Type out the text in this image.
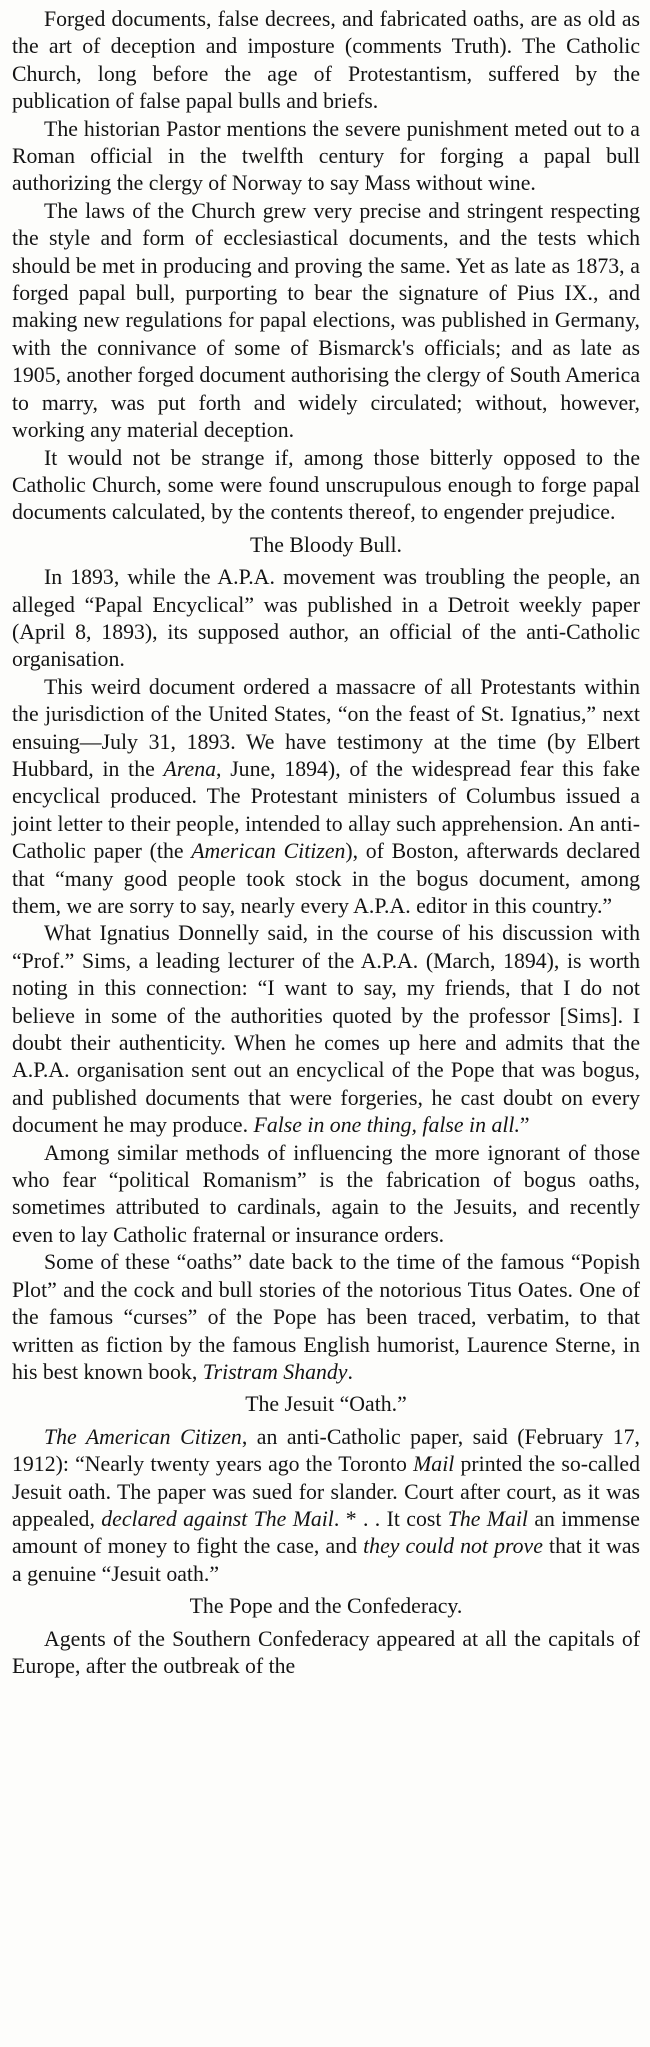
Forged documents, false decrees, and fabricated oaths, are as old as the art of deception and imposture (comments Truth). The Catholic Church, long before the age of Protestantism, suffered by the publication of false papal bulls and briefs.

The historian Pastor mentions the severe punishment meted out to a Roman official in the twelfth century for forging a papal bull authorizing the clergy of Norway to say Mass without wine.

The laws of the Church grew very precise and stringent respecting the style and form of ecclesiastical documents, and the tests which should be met in producing and proving the same. Yet as late as 1873, a forged papal bull, purporting to bear the signature of Pius IX., and making new regulations for papal elections, was published in Germany, with the connivance of some of Bismarck's officials; and as late as 1905, another forged document authorising the clergy of South America to marry, was put forth and widely circulated; without, however, working any material deception.

It would not be strange if, among those bitterly opposed to the Catholic Church, some were found unscrupulous enough to forge papal documents calculated, by the contents thereof, to engender prejudice.

The Bloody Bull.

In 1893, while the A.P.A. movement was troubling the people, an alleged “Papal Encyclical” was published in a Detroit weekly paper (April 8, 1893), its supposed author, an official of the anti-Catholic organisation.

This weird document ordered a massacre of all Protestants within the jurisdiction of the United States, “on the feast of St. Ignatius,” next ensuing—July 31, 1893. We have testimony at the time (by Elbert Hubbard, in the Arena, June, 1894), of the widespread fear this fake encyclical produced. The Protestant ministers of Columbus issued a joint letter to their people, intended to allay such apprehension. An anti-Catholic paper (the American Citizen), of Boston, afterwards declared that “many good people took stock in the bogus document, among them, we are sorry to say, nearly every A.P.A. editor in this country.”

What Ignatius Donnelly said, in the course of his discussion with “Prof.” Sims, a leading lecturer of the A.P.A. (March, 1894), is worth noting in this connection: “I want to say, my friends, that I do not believe in some of the authorities quoted by the professor [Sims]. I doubt their authenticity. When he comes up here and admits that the A.P.A. organisation sent out an encyclical of the Pope that was bogus, and published documents that were forgeries, he cast doubt on every document he may produce. False in one thing, false in all.”

Among similar methods of influencing the more ignorant of those who fear “political Romanism” is the fabrication of bogus oaths, sometimes attributed to cardinals, again to the Jesuits, and recently even to lay Catholic fraternal or insurance orders.

Some of these “oaths” date back to the time of the famous “Popish Plot” and the cock and bull stories of the notorious Titus Oates. One of the famous “curses” of the Pope has been traced, verbatim, to that written as fiction by the famous English humorist, Laurence Sterne, in his best known book, Tristram Shandy.

The Jesuit “Oath.”

The American Citizen, an anti-Catholic paper, said (February 17, 1912): “Nearly twenty years ago the Toronto Mail printed the so-called Jesuit oath. The paper was sued for slander. Court after court, as it was appealed, declared against The Mail. * . . It cost The Mail an immense amount of money to fight the case, and they could not prove that it was a genuine “Jesuit oath.”

The Pope and the Confederacy.

Agents of the Southern Confederacy appeared at all the capitals of Europe, after the outbreak of the
